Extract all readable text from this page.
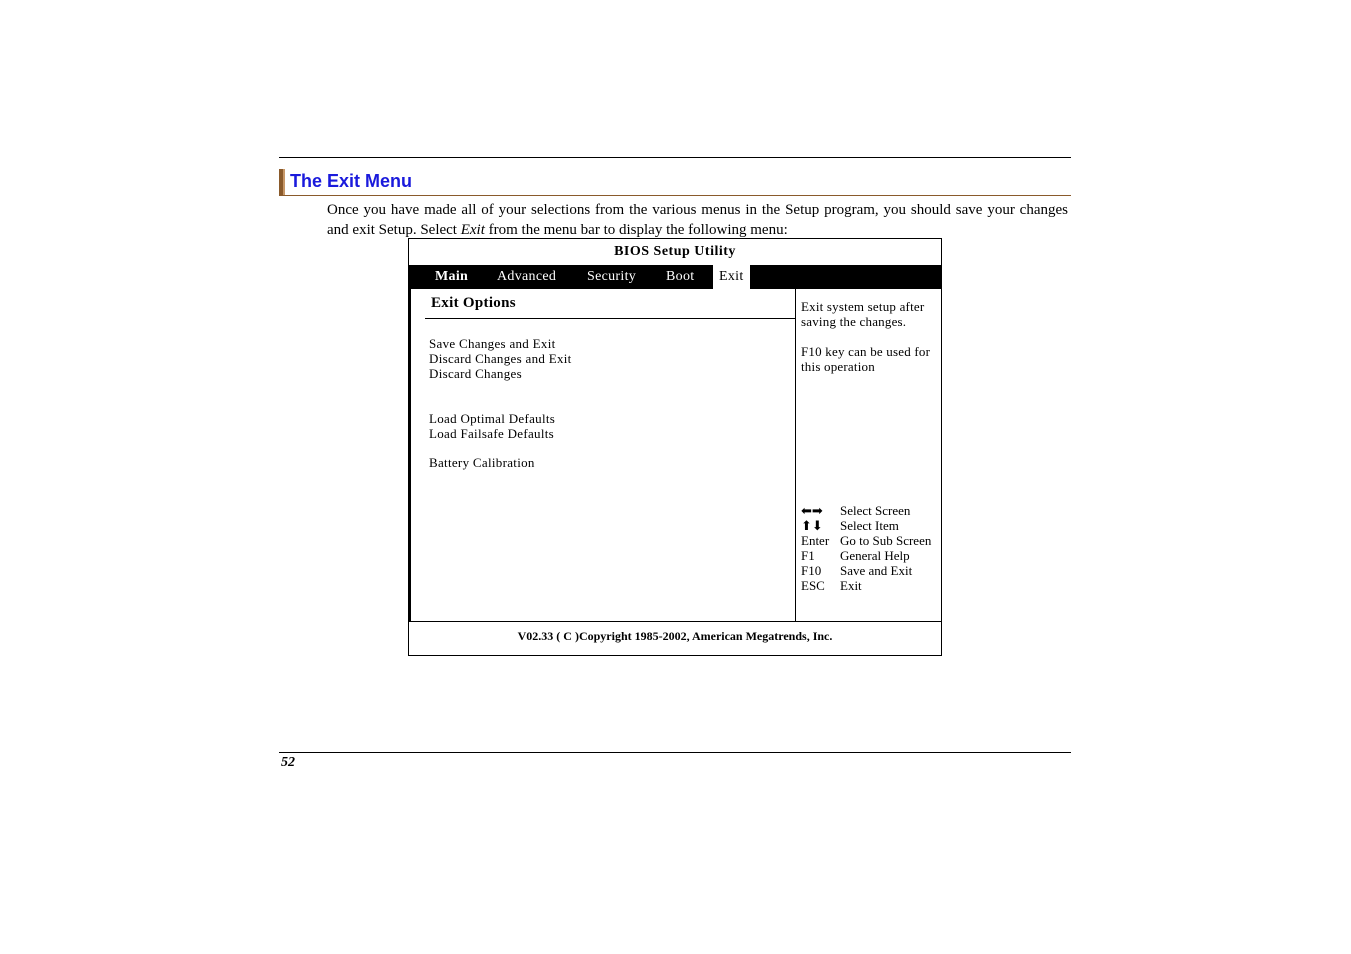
The Exit Menu
Once you have made all of your selections from the various menus in the Setup program, you should save your changes and exit Setup. Select Exit from the menu bar to display the following menu:
BIOS Setup Utility
Main	Advanced	Security	Boot	Exit
Exit Options
Save Changes and Exit
Discard Changes and Exit
Discard Changes
Load Optimal Defaults
Load Failsafe Defaults
Battery Calibration

Exit system setup after saving the changes.

F10 key can be used for this operation

⬅➡ Select Screen
⬆⬇ Select Item
Enter Go to Sub Screen
F1 General Help
F10 Save and Exit
ESC Exit
V02.33 ( C )Copyright 1985-2002, American Megatrends, Inc.
52
